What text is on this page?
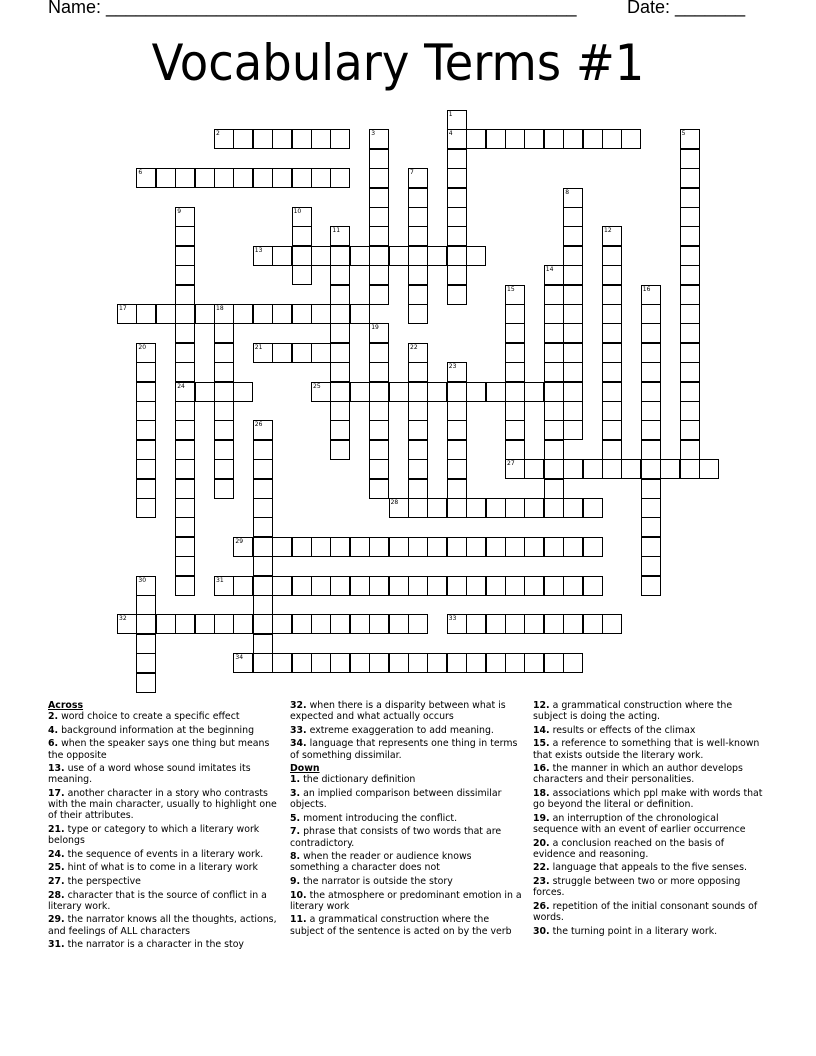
Name: _______________________________________________	Date: _______
Vocabulary Terms #1
1
4
2	3	5
6	7
8
9
24
10
11	12
13
14
15	16
17	18
19
20	21	22
23
25
26
27
28
29
30	31
32	33
34
Across
2. word choice to create a specific effect
4. background information at the beginning
6. when the speaker says one thing but means the opposite
13. use of a word whose sound imitates its meaning.
17. another character in a story who contrasts with the main character, usually to highlight one of their attributes.
21. type or category to which a literary work belongs
24. the sequence of events in a literary work.
25. hint of what is to come in a literary work
27. the perspective
28. character that is the source of conflict in a literary work.
29. the narrator knows all the thoughts, actions, and feelings of ALL characters
31. the narrator is a character in the stoy
32. when there is a disparity between what is expected and what actually occurs
33. extreme exaggeration to add meaning.
34. language that represents one thing in terms of something dissimilar.
Down
1. the dictionary definition
3. an implied comparison between dissimilar objects.
5. moment introducing the conflict.
7. phrase that consists of two words that are contradictory.
8. when the reader or audience knows something a character does not
9. the narrator is outside the story
10. the atmosphere or predominant emotion in a literary work
11. a grammatical construction where the subject of the sentence is acted on by the verb
12. a grammatical construction where the subject is doing the acting.
14. results or effects of the climax
15. a reference to something that is well-known that exists outside the literary work.
16. the manner in which an author develops characters and their personalities.
18. associations which ppl make with words that go beyond the literal or definition.
19. an interruption of the chronological sequence with an event of earlier occurrence
20. a conclusion reached on the basis of evidence and reasoning.
22. language that appeals to the five senses.
23. struggle between two or more opposing forces.
26. repetition of the initial consonant sounds of words.
30. the turning point in a literary work.
